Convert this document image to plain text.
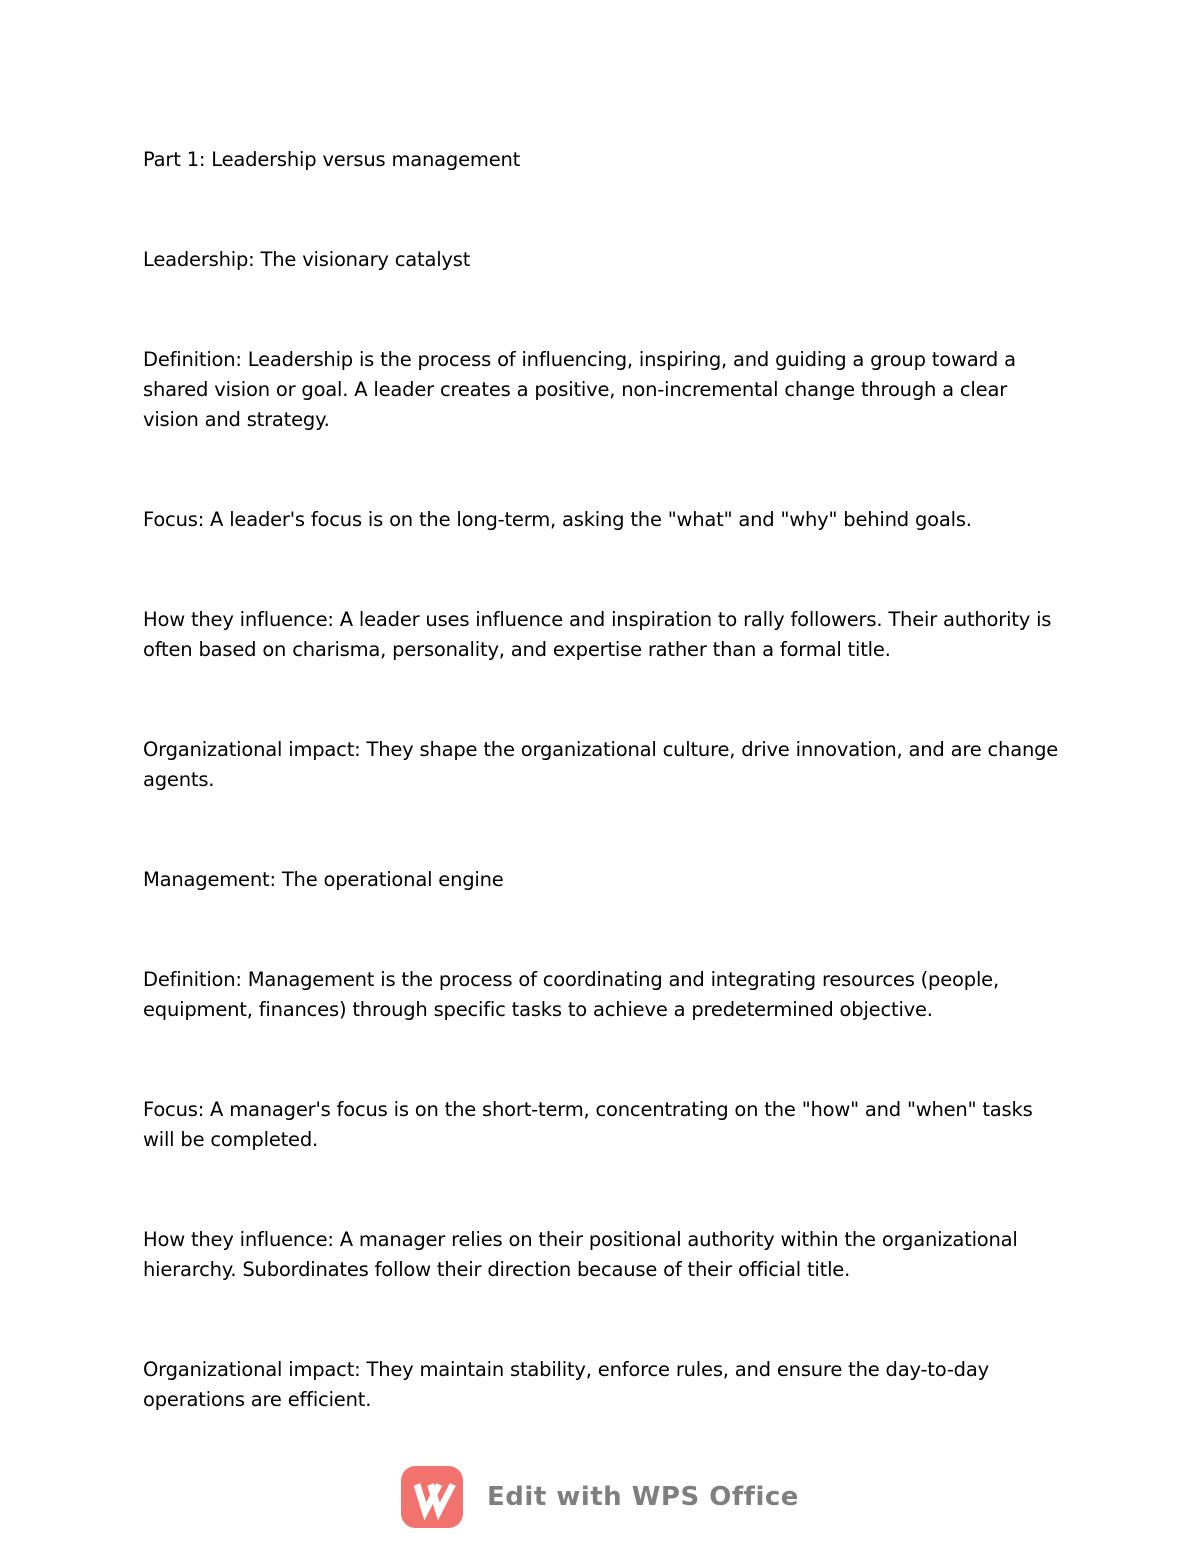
Part 1: Leadership versus management

Leadership: The visionary catalyst

Definition: Leadership is the process of influencing, inspiring, and guiding a group toward a shared vision or goal. A leader creates a positive, non-incremental change through a clear vision and strategy.

Focus: A leader's focus is on the long-term, asking the "what" and "why" behind goals.

How they influence: A leader uses influence and inspiration to rally followers. Their authority is often based on charisma, personality, and expertise rather than a formal title.

Organizational impact: They shape the organizational culture, drive innovation, and are change agents.

Management: The operational engine

Definition: Management is the process of coordinating and integrating resources (people, equipment, finances) through specific tasks to achieve a predetermined objective.

Focus: A manager's focus is on the short-term, concentrating on the "how" and "when" tasks will be completed.

How they influence: A manager relies on their positional authority within the organizational hierarchy. Subordinates follow their direction because of their official title.

Organizational impact: They maintain stability, enforce rules, and ensure the day-to-day operations are efficient.

Edit with WPS Office
